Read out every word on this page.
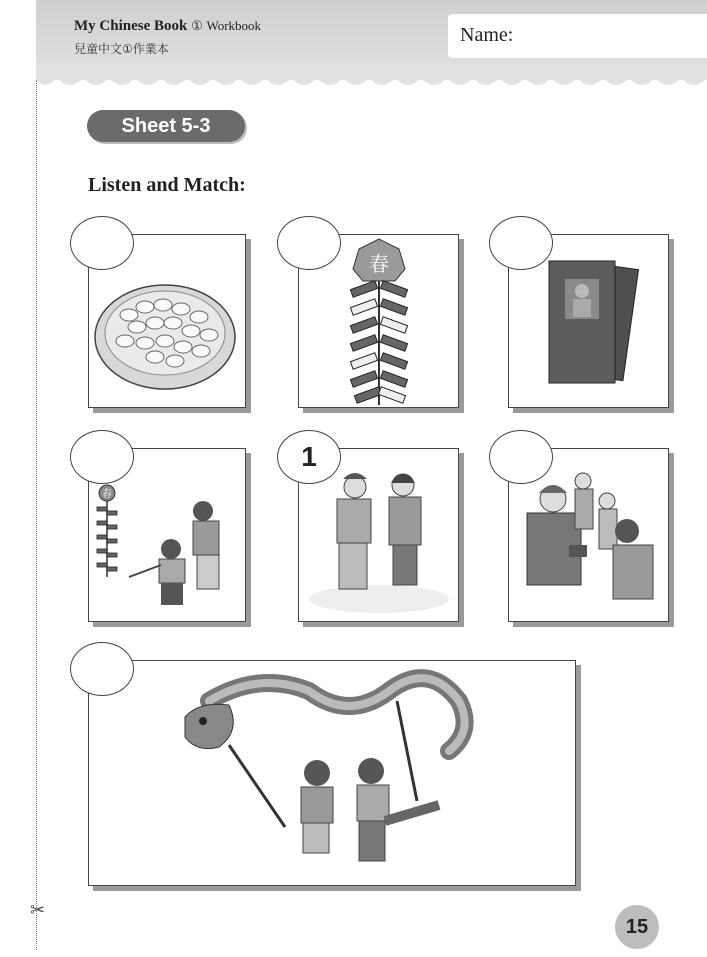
My Chinese Book ① Workbook
兒童中文①作業本
Name:
✂
Sheet 5-3
Listen and Match:
春
春
1
15
